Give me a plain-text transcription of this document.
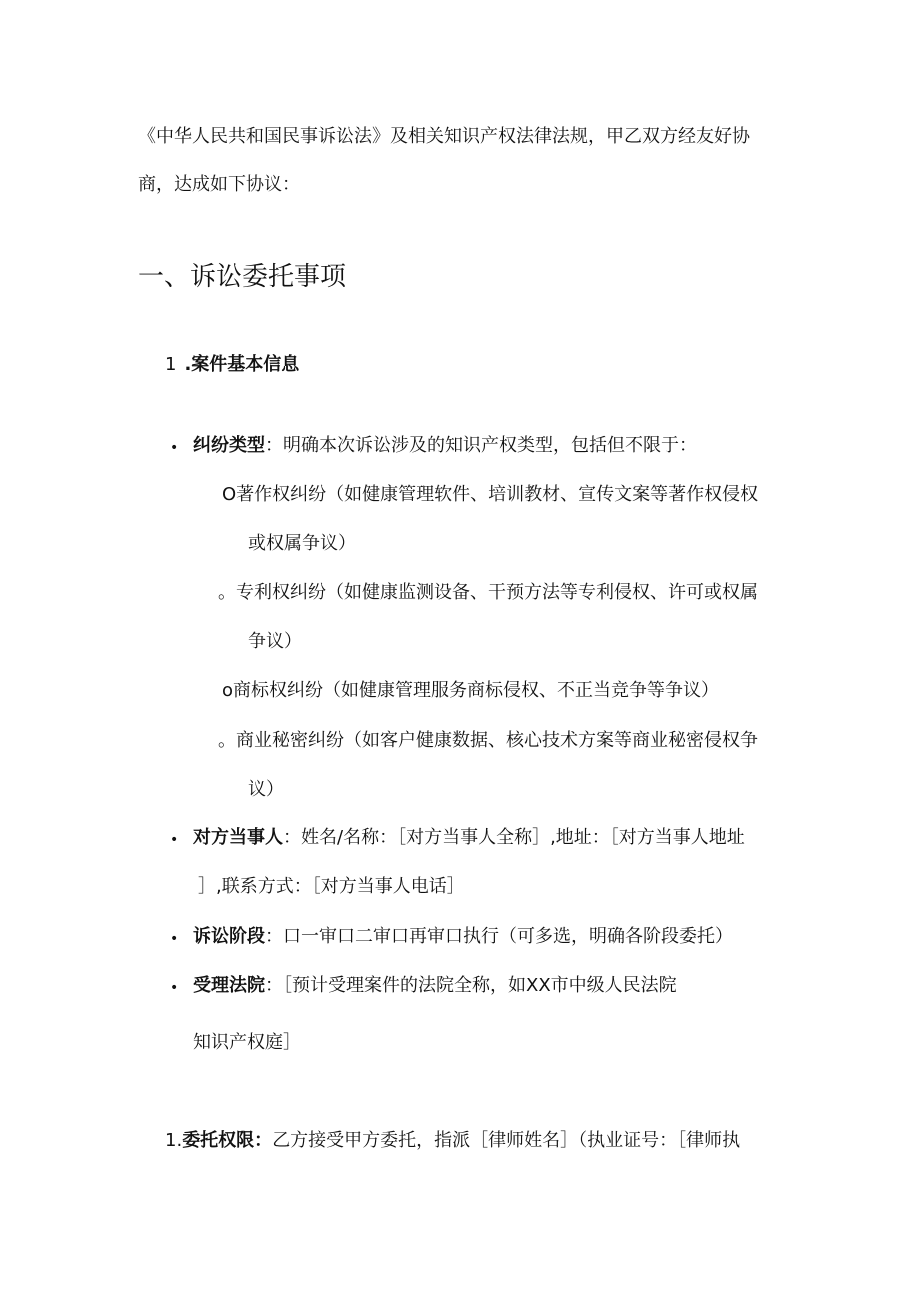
《中华人民共和国民事诉讼法》及相关知识产权法律法规，甲乙双方经友好协
商，达成如下协议：
一、诉讼委托事项
1 .案件基本信息
• 纠纷类型：明确本次诉讼涉及的知识产权类型，包括但不限于：
O著作权纠纷（如健康管理软件、培训教材、宣传文案等著作权侵权
或权属争议）
。专利权纠纷（如健康监测设备、干预方法等专利侵权、许可或权属
争议）
o商标权纠纷（如健康管理服务商标侵权、不正当竞争等争议）
。商业秘密纠纷（如客户健康数据、核心技术方案等商业秘密侵权争
议）
• 对方当事人：姓名/名称：［对方当事人全称］,地址：［对方当事人地址
］,联系方式：［对方当事人电话］
• 诉讼阶段：口一审口二审口再审口执行（可多选，明确各阶段委托）
• 受理法院：［预计受理案件的法院全称，如XX市中级人民法院
知识产权庭］
1.委托权限：乙方接受甲方委托，指派［律师姓名］（执业证号：［律师执
